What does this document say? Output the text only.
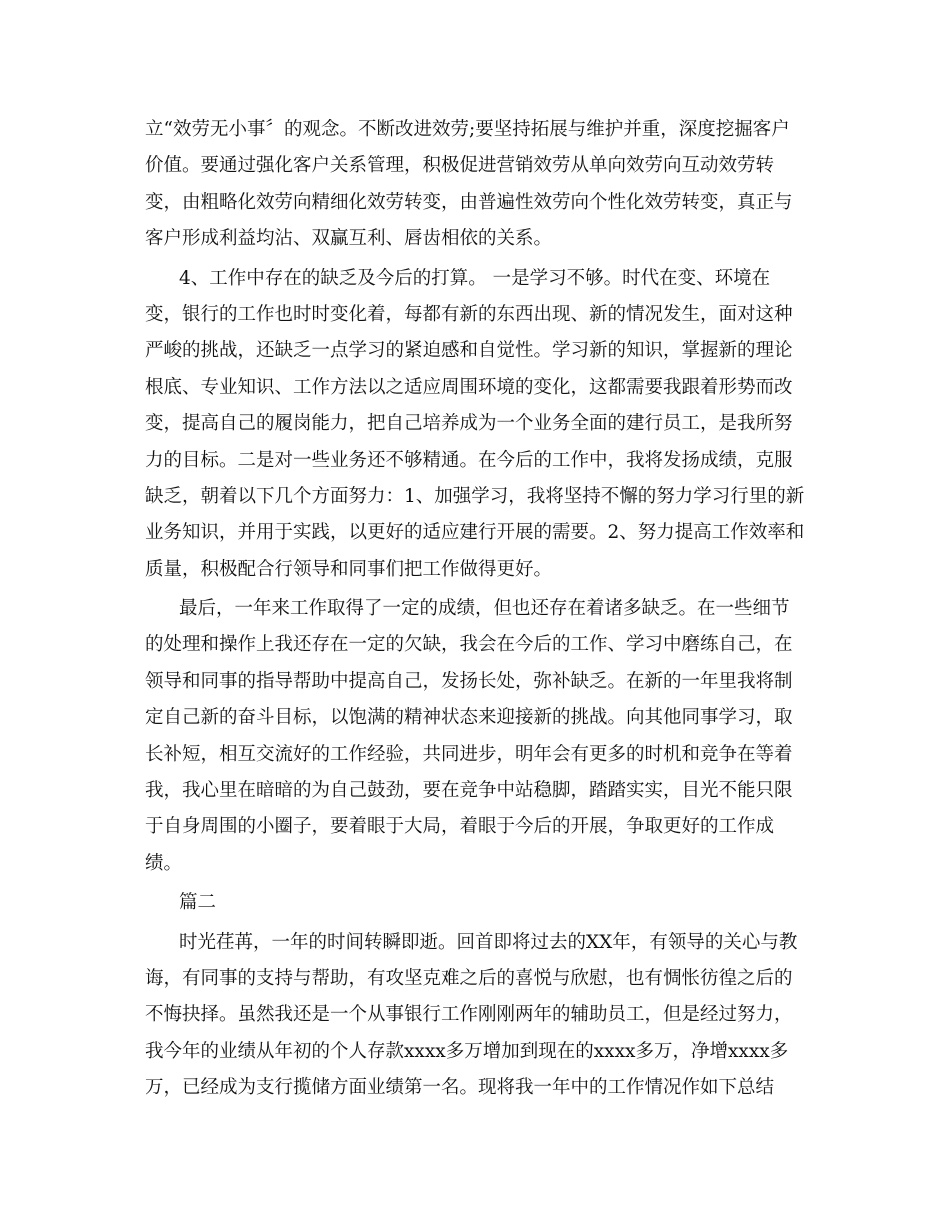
立“效劳无小事〞的观念。不断改进效劳;要坚持拓展与维护并重，深度挖掘客户
价值。要通过强化客户关系管理，积极促进营销效劳从单向效劳向互动效劳转
变，由粗略化效劳向精细化效劳转变，由普遍性效劳向个性化效劳转变，真正与
客户形成利益均沾、双赢互利、唇齿相依的关系。
4、工作中存在的缺乏及今后的打算。 一是学习不够。时代在变、环境在
变，银行的工作也时时变化着，每都有新的东西出现、新的情况发生，面对这种
严峻的挑战，还缺乏一点学习的紧迫感和自觉性。学习新的知识，掌握新的理论
根底、专业知识、工作方法以之适应周围环境的变化，这都需要我跟着形势而改
变，提高自己的履岗能力，把自己培养成为一个业务全面的建行员工，是我所努
力的目标。二是对一些业务还不够精通。在今后的工作中，我将发扬成绩，克服
缺乏，朝着以下几个方面努力：1、加强学习，我将坚持不懈的努力学习行里的新
业务知识，并用于实践，以更好的适应建行开展的需要。2、努力提高工作效率和
质量，积极配合行领导和同事们把工作做得更好。
最后，一年来工作取得了一定的成绩，但也还存在着诸多缺乏。在一些细节
的处理和操作上我还存在一定的欠缺，我会在今后的工作、学习中磨练自己，在
领导和同事的指导帮助中提高自己，发扬长处，弥补缺乏。在新的一年里我将制
定自己新的奋斗目标，以饱满的精神状态来迎接新的挑战。向其他同事学习，取
长补短，相互交流好的工作经验，共同进步，明年会有更多的时机和竞争在等着
我，我心里在暗暗的为自己鼓劲，要在竞争中站稳脚，踏踏实实，目光不能只限
于自身周围的小圈子，要着眼于大局，着眼于今后的开展，争取更好的工作成
绩。
篇二
时光荏苒，一年的时间转瞬即逝。回首即将过去的XX年，有领导的关心与教
诲，有同事的支持与帮助，有攻坚克难之后的喜悦与欣慰，也有惆怅彷徨之后的
不悔抉择。虽然我还是一个从事银行工作刚刚两年的辅助员工，但是经过努力，
我今年的业绩从年初的个人存款xxxx多万增加到现在的xxxx多万，净增xxxx多
万，已经成为支行揽储方面业绩第一名。现将我一年中的工作情况作如下总结
